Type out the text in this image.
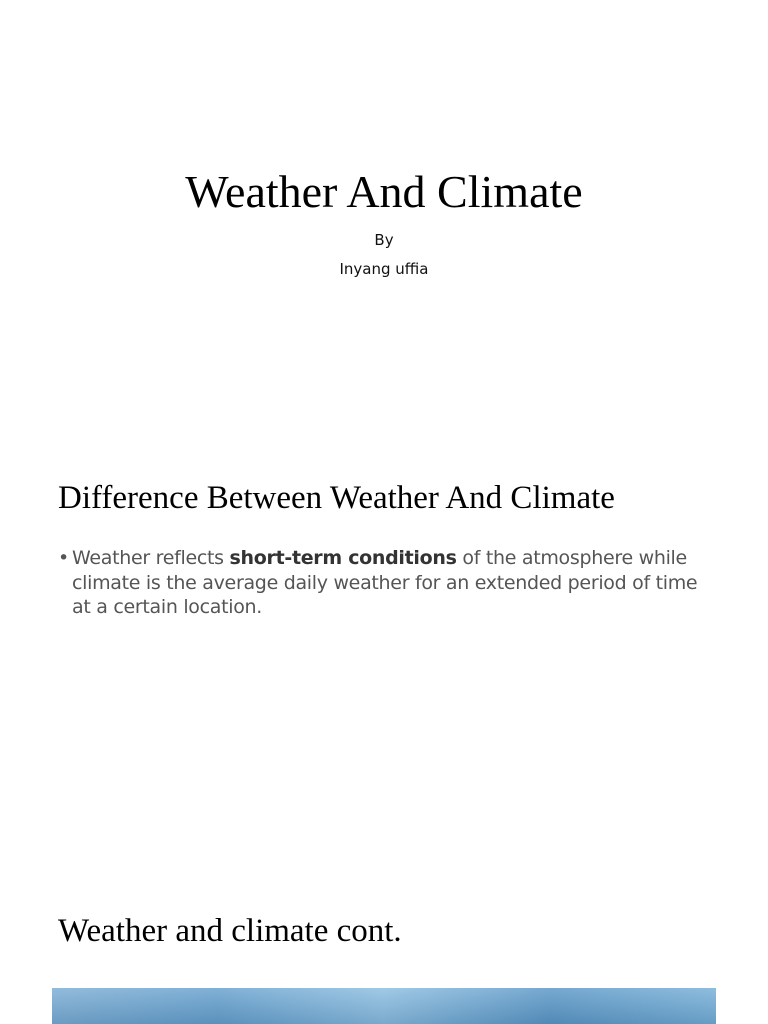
Weather And Climate
By
Inyang uffia
Difference Between Weather And Climate
• Weather reflects short-term conditions of the atmosphere while climate is the average daily weather for an extended period of time at a certain location.
Weather and climate cont.
